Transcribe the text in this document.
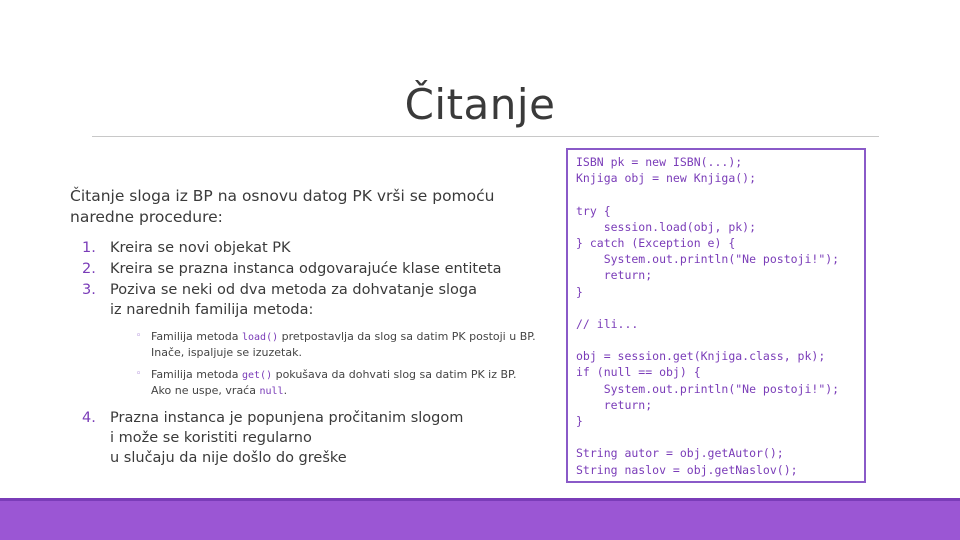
Čitanje

Čitanje sloga iz BP na osnovu datog PK vrši se pomoću naredne procedure:

1. Kreira se novi objekat PK
2. Kreira se prazna instanca odgovarajuće klase entiteta
3. Poziva se neki od dva metoda za dohvatanje sloga
iz narednih familija metoda:
◦ Familija metoda load() pretpostavlja da slog sa datim PK postoji u BP.
Inače, ispaljuje se izuzetak.
◦ Familija metoda get() pokušava da dohvati slog sa datim PK iz BP.
Ako ne uspe, vraća null.
4. Prazna instanca je popunjena pročitanim slogom
i može se koristiti regularno
u slučaju da nije došlo do greške
ISBN pk = new ISBN(...);
Knjiga obj = new Knjiga();
try {
session.load(obj, pk);
} catch (Exception e) {
System.out.println("Ne postoji!");
return;
}
// ili...
obj = session.get(Knjiga.class, pk);
if (null == obj) {
System.out.println("Ne postoji!");
return;
}
String autor = obj.getAutor();
String naslov = obj.getNaslov();
